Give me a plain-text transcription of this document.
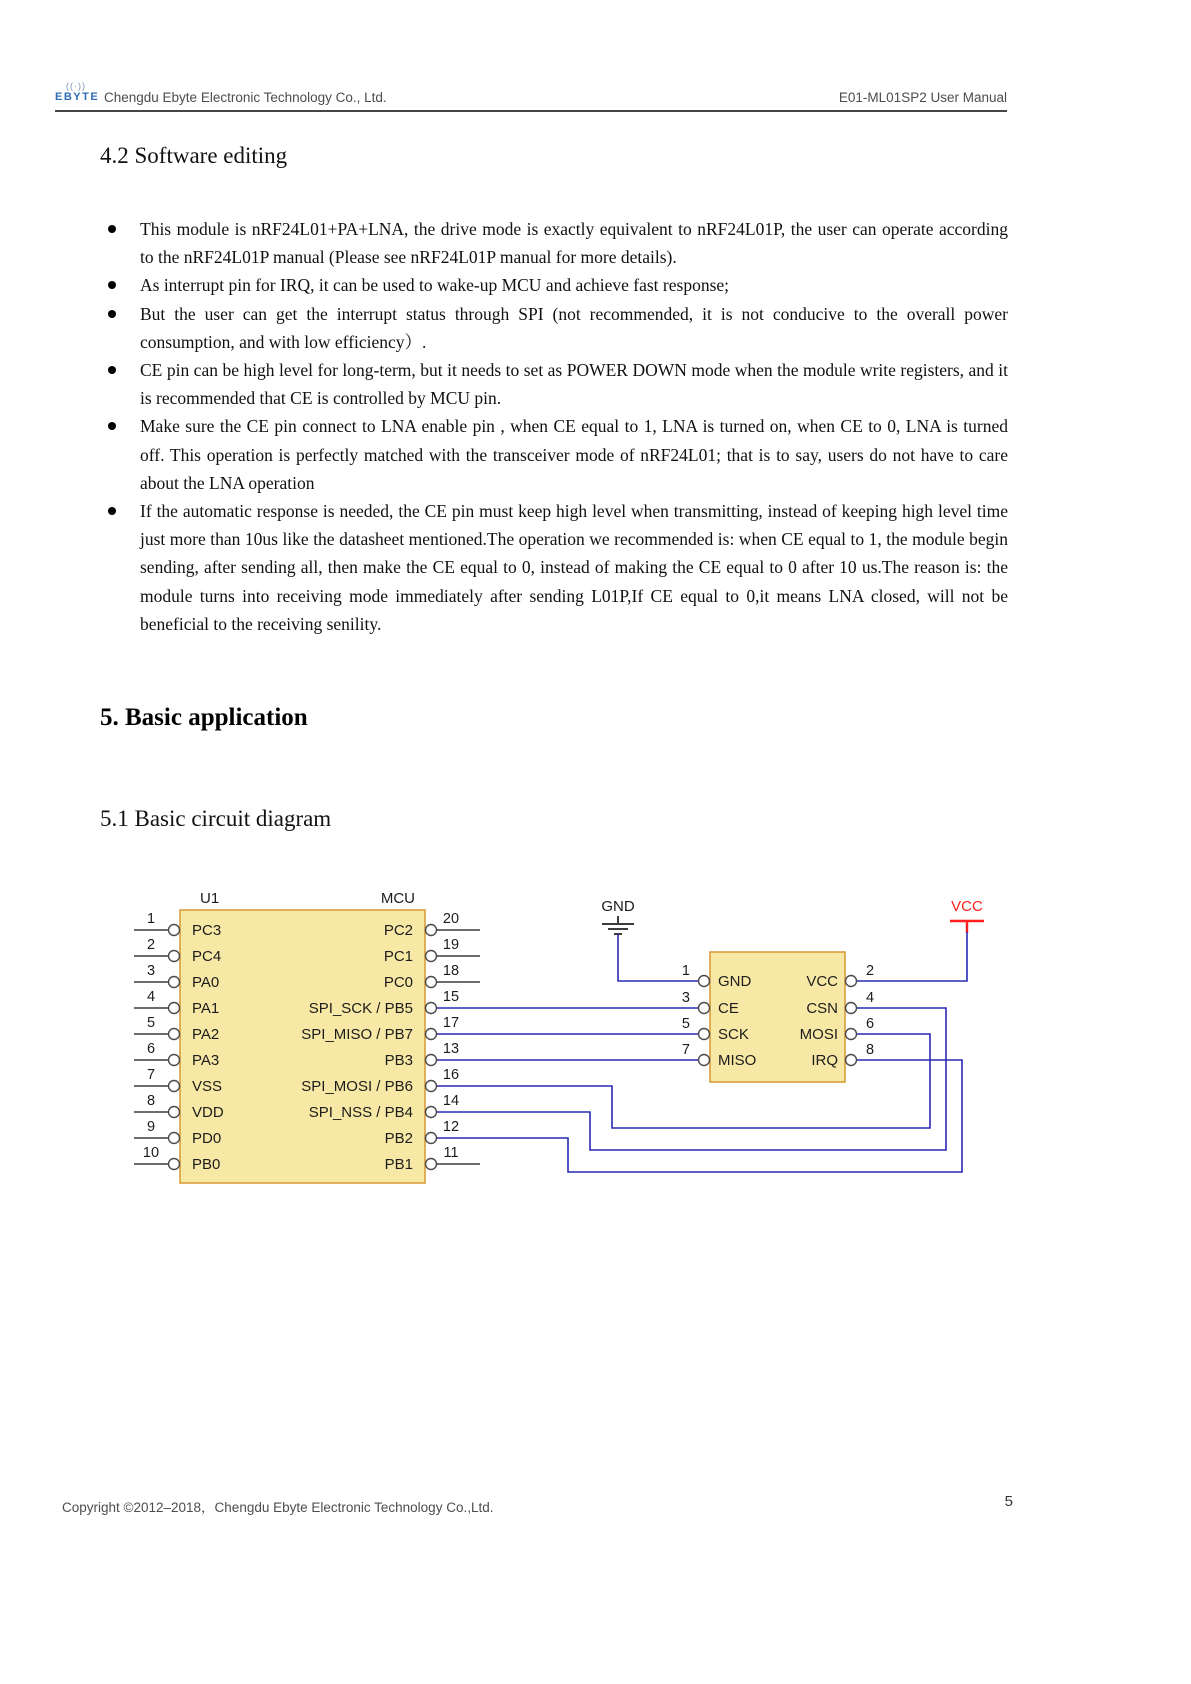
((·))
EBYTE Chengdu Ebyte Electronic Technology Co., Ltd.	E01-ML01SP2 User Manual
4.2 Software editing
This module is nRF24L01+PA+LNA, the drive mode is exactly equivalent to nRF24L01P, the user can operate according to the nRF24L01P manual (Please see nRF24L01P manual for more details).
As interrupt pin for IRQ, it can be used to wake-up MCU and achieve fast response;
But the user can get the interrupt status through SPI (not recommended, it is not conducive to the overall power consumption, and with low efficiency）.
CE pin can be high level for long-term, but it needs to set as POWER DOWN mode when the module write registers, and it is recommended that CE is controlled by MCU pin.
Make sure the CE pin connect to LNA enable pin , when CE equal to 1, LNA is turned on, when CE to 0, LNA is turned off. This operation is perfectly matched with the transceiver mode of nRF24L01; that is to say, users do not have to care about the LNA operation
If the automatic response is needed, the CE pin must keep high level when transmitting, instead of keeping high level time just more than 10us like the datasheet mentioned.The operation we recommended is: when CE equal to 1, the module begin sending, after sending all, then make the CE equal to 0, instead of making the CE equal to 0 after 10 us.The reason is: the module turns into receiving mode immediately after sending L01P,If CE equal to 0,it means LNA closed, will not be beneficial to the receiving senility.
5. Basic application
5.1 Basic circuit diagram
U1	MCU	GND	VCC
1
PC3
2
PC4
3
PA0
4
PA1
5
PA2
6
PA3
7
VSS
8
VDD
9
PD0
10
PB0
20
PC2
19
PC1
18
PC0
15
SPI_SCK / PB5
17
SPI_MISO / PB7
13
PB3
16
SPI_MOSI / PB6
14
SPI_NSS / PB4
12
PB2
11
PB1
1
GND
3
CE
5
SCK
7
MISO
2
VCC
4
CSN
6
MOSI
8
IRQ
Copyright ©2012–2018，Chengdu Ebyte Electronic Technology Co.,Ltd.	5
